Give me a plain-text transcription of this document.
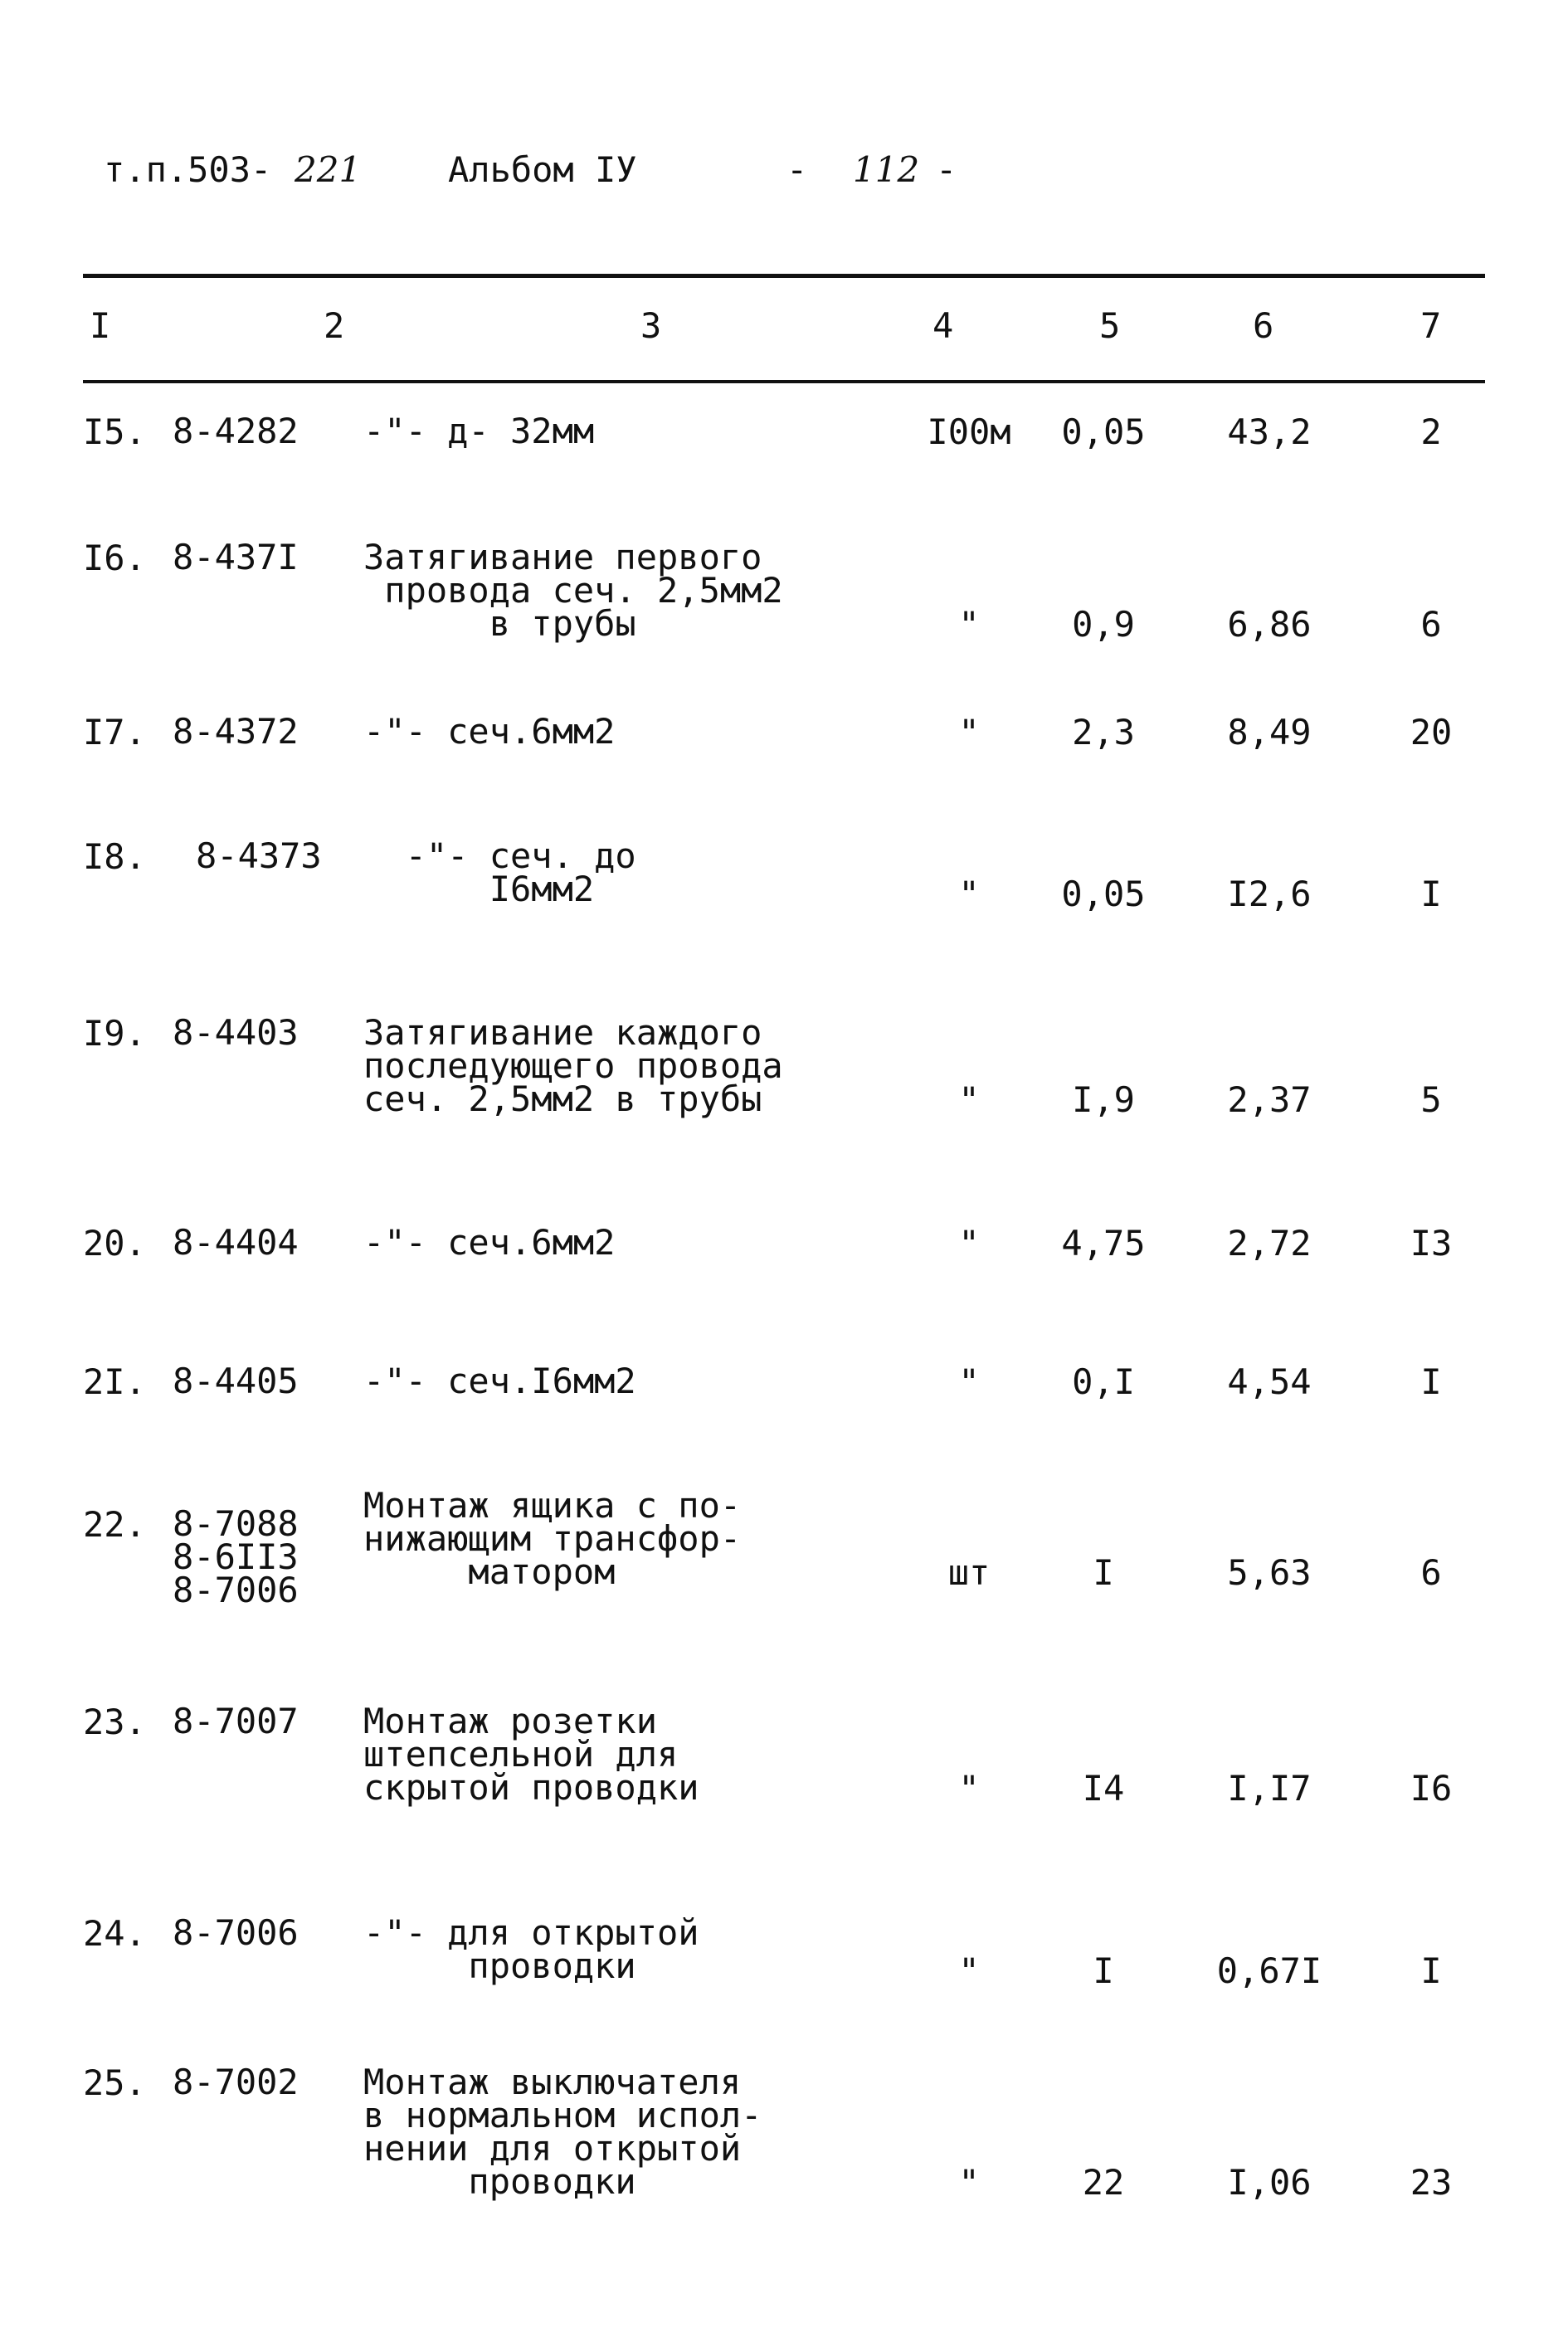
т.п.503- 221 Альбом IУ	- 112 -
I	2	3	4	5	6	7
I5. 8-4282 -"- д- 32мм	I00м	0,05	43,2	2
I6. 8-437I Затягивание первого
провода сеч. 2,5мм2
в трубы	"	0,9	6,86	6
I7. 8-4372 -"- сеч.6мм2	"	2,3	8,49	20
I8. 8-4373	-"- сеч. до
I6мм2	"	0,05	I2,6	I
I9. 8-4403 Затягивание каждого
последующего провода
сеч. 2,5мм2 в трубы	"	I,9	2,37	5
20. 8-4404 -"- сеч.6мм2	"	4,75	2,72	I3
2I. 8-4405 -"- сеч.I6мм2	"	0,I	4,54	I
22. 8-7088
8-6II3
8-7006
Монтаж ящика с по-
нижающим трансфор-
матором	шт	I	5,63	6
23. 8-7007 Монтаж розетки
штепсельной для
скрытой проводки	"	I4	I,I7	I6
24. 8-7006 -"- для открытой
проводки	"	I	0,67I	I
25. 8-7002 Монтаж выключателя
в нормальном испол-
нении для открытой
проводки	"	22	I,06	23
